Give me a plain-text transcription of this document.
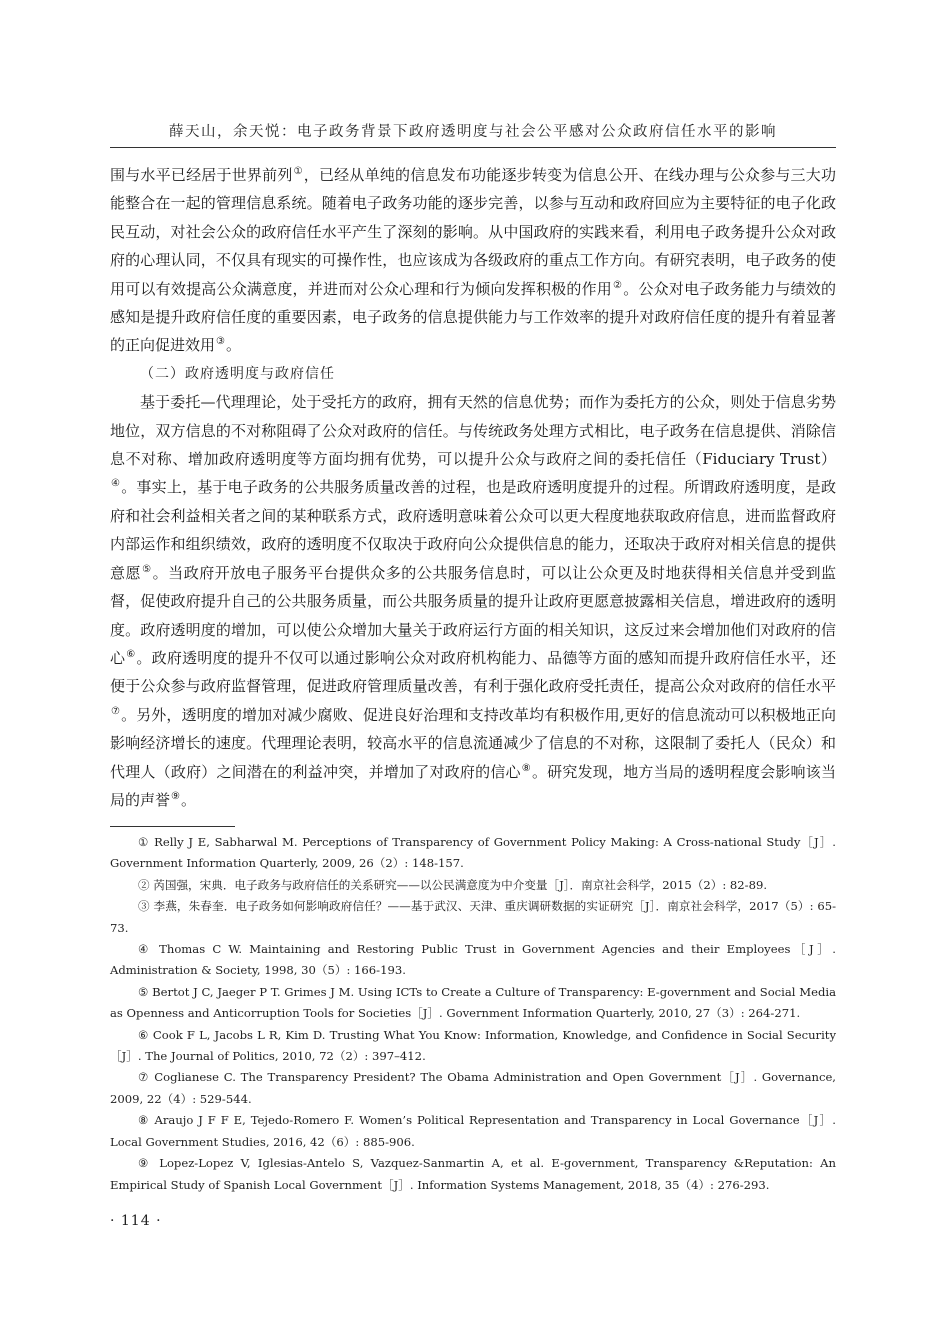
薛天山，余天悦：电子政务背景下政府透明度与社会公平感对公众政府信任水平的影响

围与水平已经居于世界前列①，已经从单纯的信息发布功能逐步转变为信息公开、在线办理与公众参与三大功能整合在一起的管理信息系统。随着电子政务功能的逐步完善，以参与互动和政府回应为主要特征的电子化政民互动，对社会公众的政府信任水平产生了深刻的影响。从中国政府的实践来看，利用电子政务提升公众对政府的心理认同，不仅具有现实的可操作性，也应该成为各级政府的重点工作方向。有研究表明，电子政务的使用可以有效提高公众满意度，并进而对公众心理和行为倾向发挥积极的作用②。公众对电子政务能力与绩效的感知是提升政府信任度的重要因素，电子政务的信息提供能力与工作效率的提升对政府信任度的提升有着显著的正向促进效用③。

（二）政府透明度与政府信任

基于委托—代理理论，处于受托方的政府，拥有天然的信息优势；而作为委托方的公众，则处于信息劣势地位，双方信息的不对称阻碍了公众对政府的信任。与传统政务处理方式相比，电子政务在信息提供、消除信息不对称、增加政府透明度等方面均拥有优势，可以提升公众与政府之间的委托信任（Fiduciary Trust）④。事实上，基于电子政务的公共服务质量改善的过程，也是政府透明度提升的过程。所谓政府透明度，是政府和社会利益相关者之间的某种联系方式，政府透明意味着公众可以更大程度地获取政府信息，进而监督政府内部运作和组织绩效，政府的透明度不仅取决于政府向公众提供信息的能力，还取决于政府对相关信息的提供意愿⑤。当政府开放电子服务平台提供众多的公共服务信息时，可以让公众更及时地获得相关信息并受到监督，促使政府提升自己的公共服务质量，而公共服务质量的提升让政府更愿意披露相关信息，增进政府的透明度。政府透明度的增加，可以使公众增加大量关于政府运行方面的相关知识，这反过来会增加他们对政府的信心⑥。政府透明度的提升不仅可以通过影响公众对政府机构能力、品德等方面的感知而提升政府信任水平，还便于公众参与政府监督管理，促进政府管理质量改善，有利于强化政府受托责任，提高公众对政府的信任水平⑦。另外，透明度的增加对减少腐败、促进良好治理和支持改革均有积极作用,更好的信息流动可以积极地正向影响经济增长的速度。代理理论表明，较高水平的信息流通减少了信息的不对称，这限制了委托人（民众）和代理人（政府）之间潜在的利益冲突，并增加了对政府的信心⑧。研究发现，地方当局的透明程度会影响该当局的声誉⑨。

① Relly J E, Sabharwal M. Perceptions of Transparency of Government Policy Making: A Cross-national Study［J］. Government Information Quarterly, 2009, 26（2）: 148-157.

② 芮国强，宋典．电子政务与政府信任的关系研究——以公民满意度为中介变量［J］．南京社会科学，2015（2）: 82-89.

③ 李燕，朱春奎．电子政务如何影响政府信任？——基于武汉、天津、重庆调研数据的实证研究［J］．南京社会科学，2017（5）: 65-73.

④ Thomas C W. Maintaining and Restoring Public Trust in Government Agencies and their Employees［J］. Administration & Society, 1998, 30（5）: 166-193.

⑤ Bertot J C, Jaeger P T. Grimes J M. Using ICTs to Create a Culture of Transparency: E-government and Social Media as Openness and Anticorruption Tools for Societies［J］. Government Information Quarterly, 2010, 27（3）: 264-271.

⑥ Cook F L, Jacobs L R, Kim D. Trusting What You Know: Information, Knowledge, and Confidence in Social Security［J］. The Journal of Politics, 2010, 72（2）: 397–412.

⑦ Coglianese C. The Transparency President? The Obama Administration and Open Government［J］. Governance, 2009, 22（4）: 529-544.

⑧ Araujo J F F E, Tejedo-Romero F. Women’s Political Representation and Transparency in Local Governance［J］. Local Government Studies, 2016, 42（6）: 885-906.

⑨ Lopez-Lopez V, Iglesias-Antelo S, Vazquez-Sanmartin A, et al. E-government, Transparency &Reputation: An Empirical Study of Spanish Local Government［J］. Information Systems Management, 2018, 35（4）: 276-293.

· 114 ·
